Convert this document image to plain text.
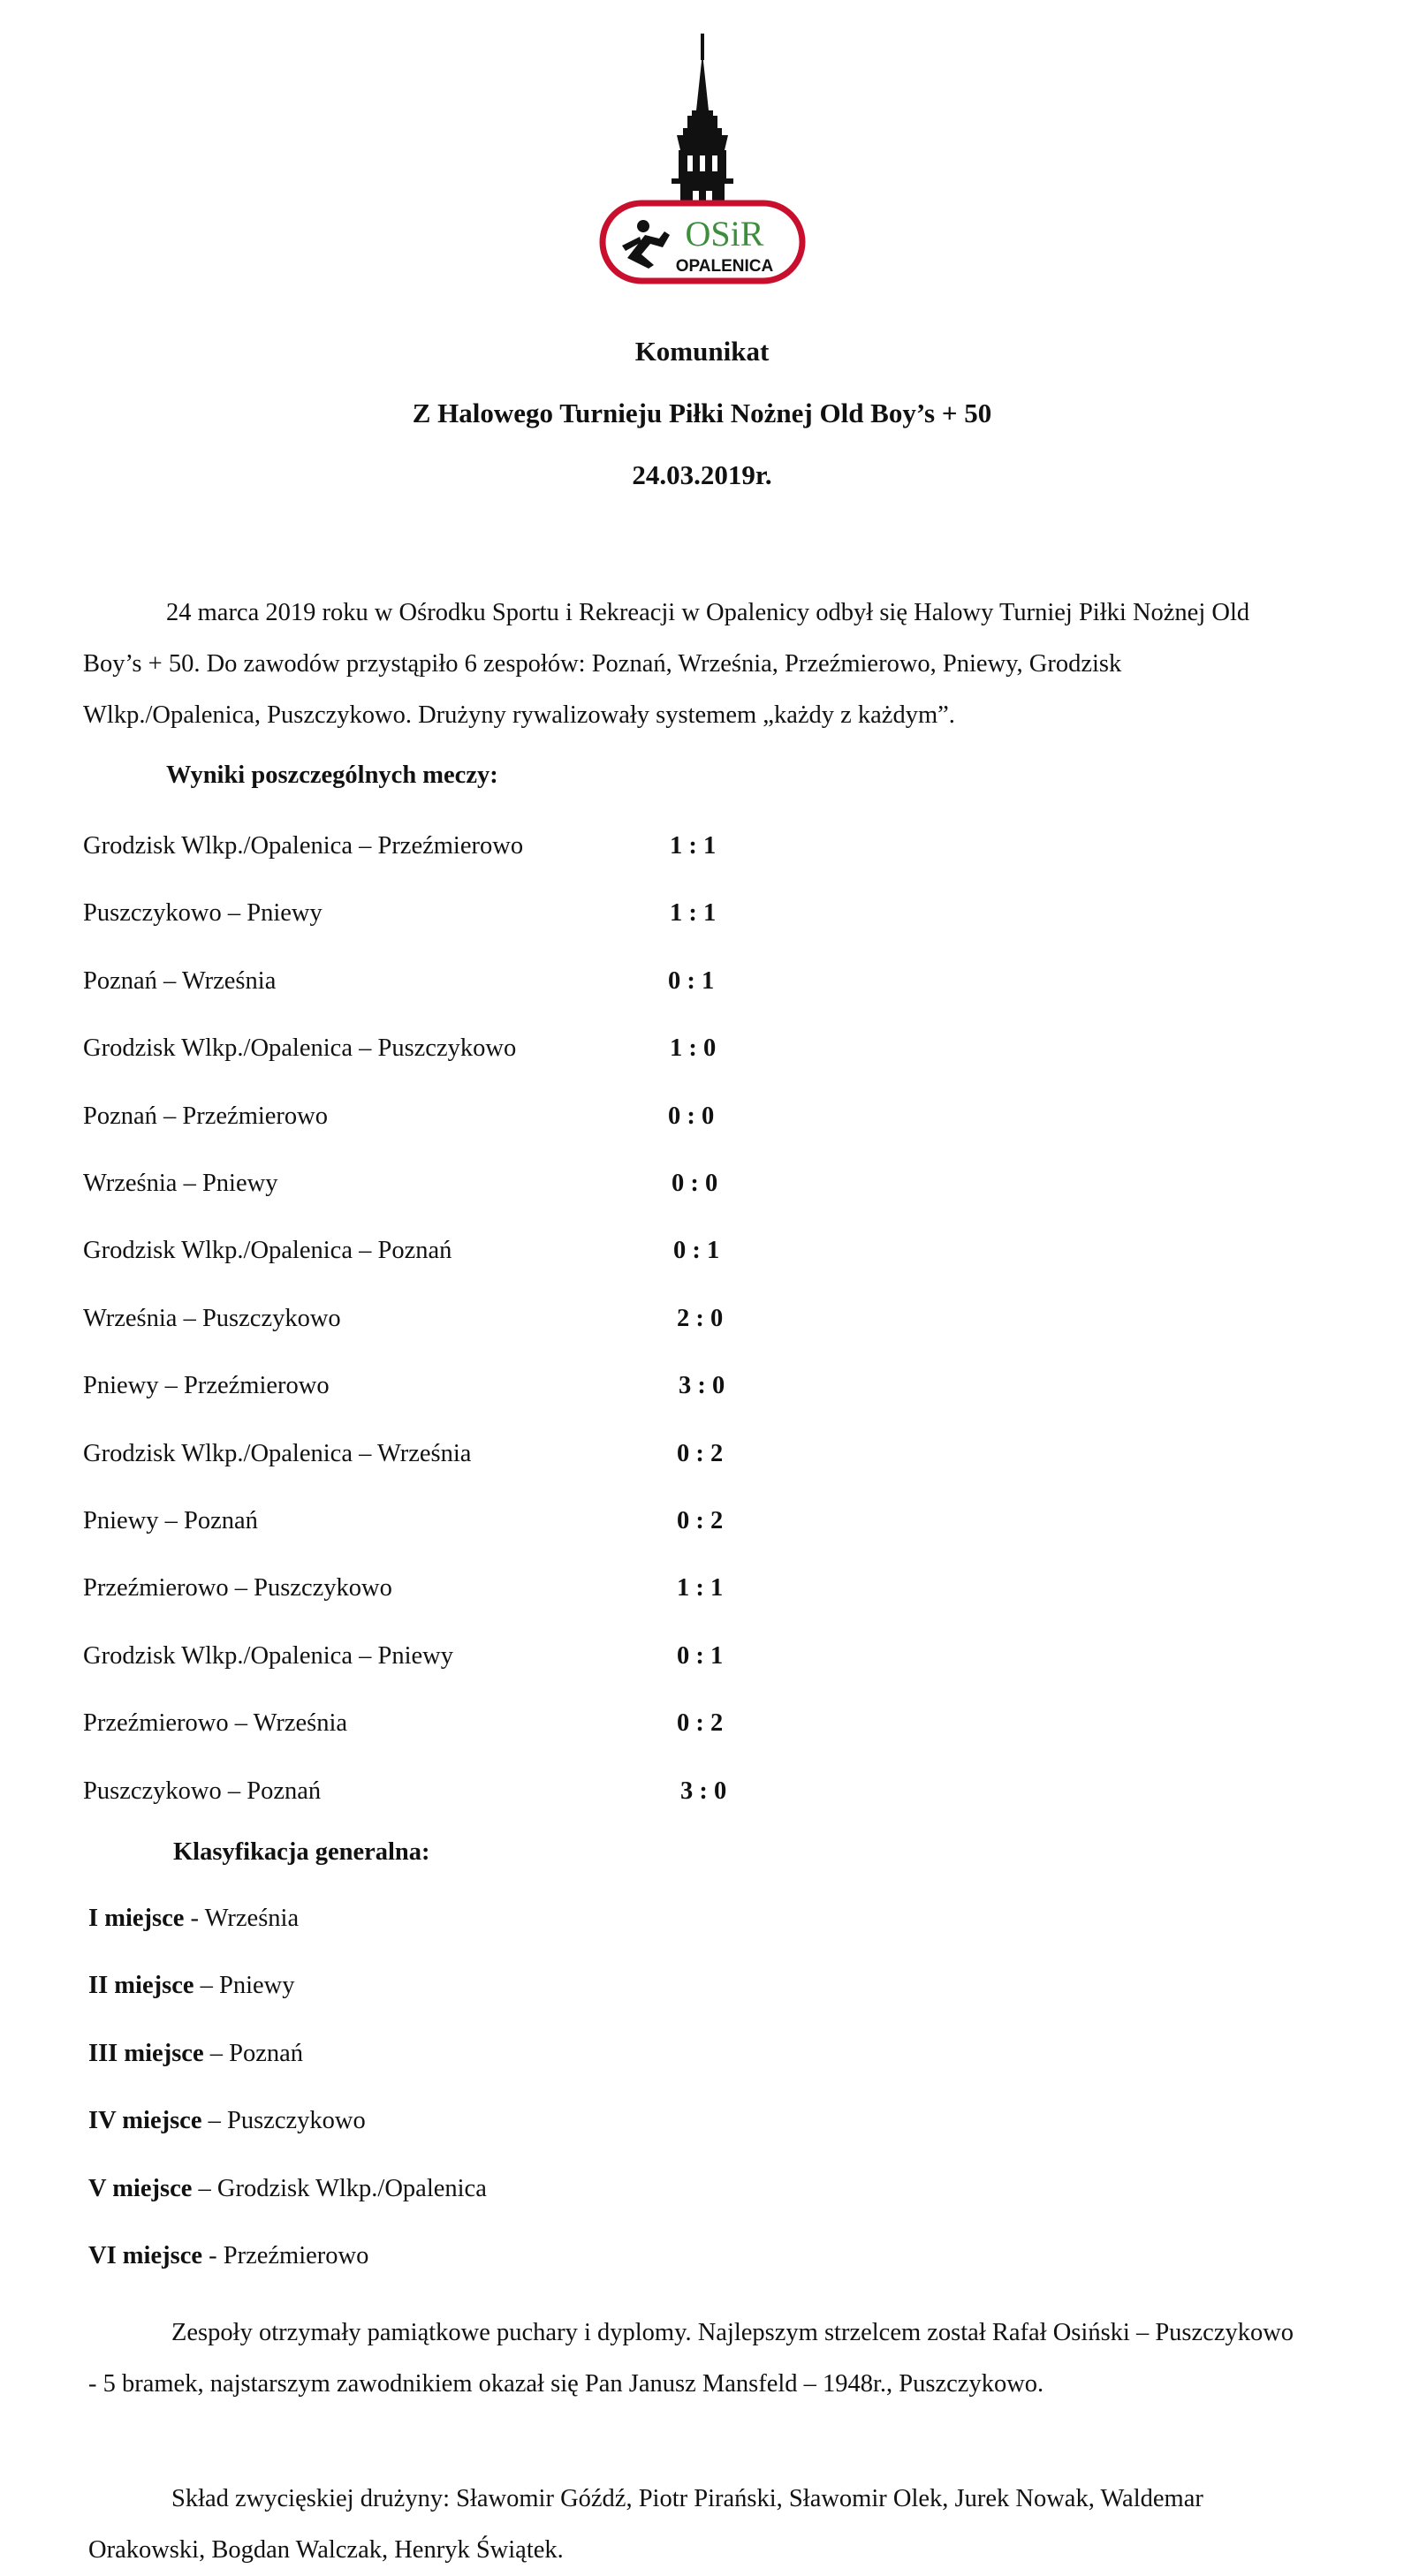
OSiR
OPALENICA
Komunikat
Z Halowego Turnieju Piłki Nożnej Old Boy’s + 50
24.03.2019r.
24 marca 2019 roku w Ośrodku Sportu i Rekreacji w Opalenicy odbył się Halowy Turniej Piłki Nożnej Old Boy’s + 50. Do zawodów przystąpiło 6 zespołów: Poznań, Września, Przeźmierowo, Pniewy, Grodzisk Wlkp./Opalenica, Puszczykowo. Drużyny rywalizowały systemem „każdy z każdym”.
Wyniki poszczególnych meczy:
Grodzisk Wlkp./Opalenica – Przeźmierowo	1 : 1
Puszczykowo – Pniewy	1 : 1
Poznań – Września	0 : 1
Grodzisk Wlkp./Opalenica – Puszczykowo	1 : 0
Poznań – Przeźmierowo	0 : 0
Września – Pniewy	0 : 0
Grodzisk Wlkp./Opalenica – Poznań	0 : 1
Września – Puszczykowo	2 : 0
Pniewy – Przeźmierowo	3 : 0
Grodzisk Wlkp./Opalenica – Września	0 : 2
Pniewy – Poznań	0 : 2
Przeźmierowo – Puszczykowo	1 : 1
Grodzisk Wlkp./Opalenica – Pniewy	0 : 1
Przeźmierowo – Września	0 : 2
Puszczykowo – Poznań	3 : 0
Klasyfikacja generalna:
I miejsce - Września
II miejsce – Pniewy
III miejsce – Poznań
IV miejsce – Puszczykowo
V miejsce – Grodzisk Wlkp./Opalenica
VI miejsce - Przeźmierowo
Zespoły otrzymały pamiątkowe puchary i dyplomy. Najlepszym strzelcem został Rafał Osiński – Puszczykowo - 5 bramek, najstarszym zawodnikiem okazał się Pan Janusz Mansfeld – 1948r., Puszczykowo.
Skład zwycięskiej drużyny: Sławomir Góźdź, Piotr Pirański, Sławomir Olek, Jurek Nowak, Waldemar Orakowski, Bogdan Walczak, Henryk Świątek.
